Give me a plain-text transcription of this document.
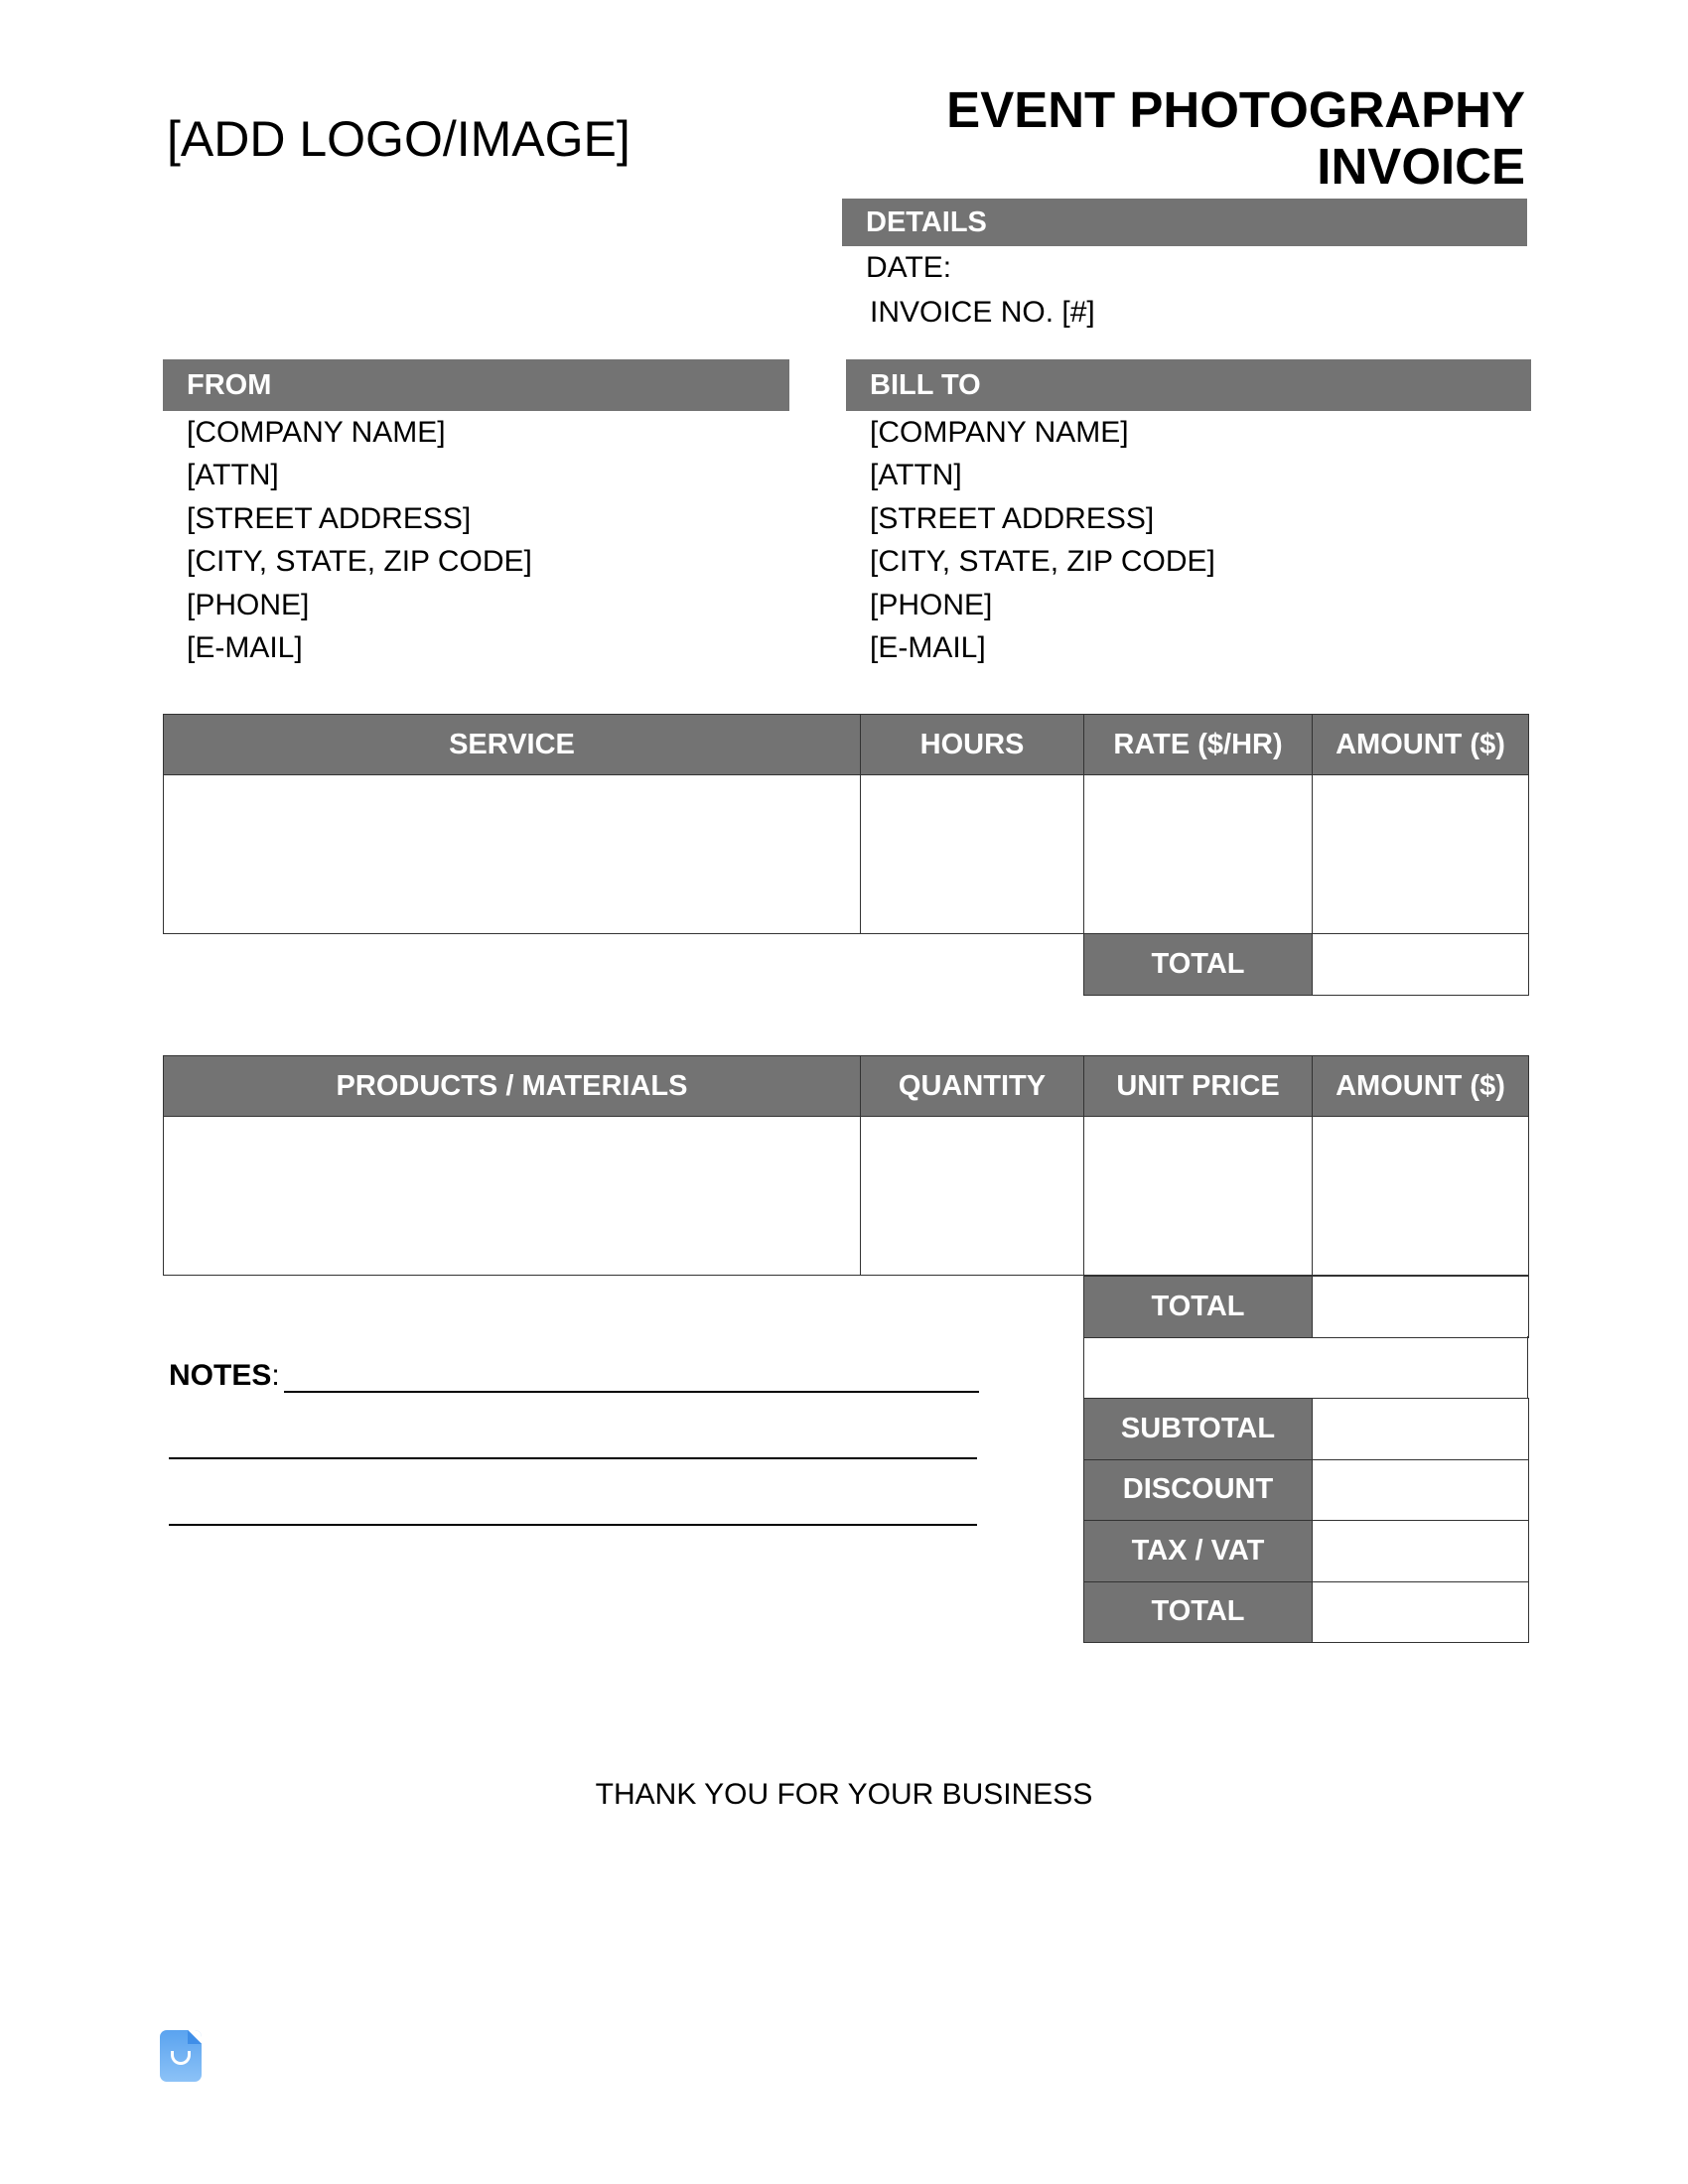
[ADD LOGO/IMAGE]
EVENT PHOTOGRAPHY
INVOICE
DETAILS
DATE:
INVOICE NO. [#]
FROM
[COMPANY NAME]
[ATTN]
[STREET ADDRESS]
[CITY, STATE, ZIP CODE]
[PHONE]
[E-MAIL]
BILL TO
[COMPANY NAME]
[ATTN]
[STREET ADDRESS]
[CITY, STATE, ZIP CODE]
[PHONE]
[E-MAIL]
SERVICE	HOURS	RATE ($/HR)	AMOUNT ($)

TOTAL	
PRODUCTS / MATERIALS	QUANTITY	UNIT PRICE	AMOUNT ($)

TOTAL	
SUBTOTAL	
DISCOUNT	
TAX / VAT	
TOTAL	
NOTES:
THANK YOU FOR YOUR BUSINESS
